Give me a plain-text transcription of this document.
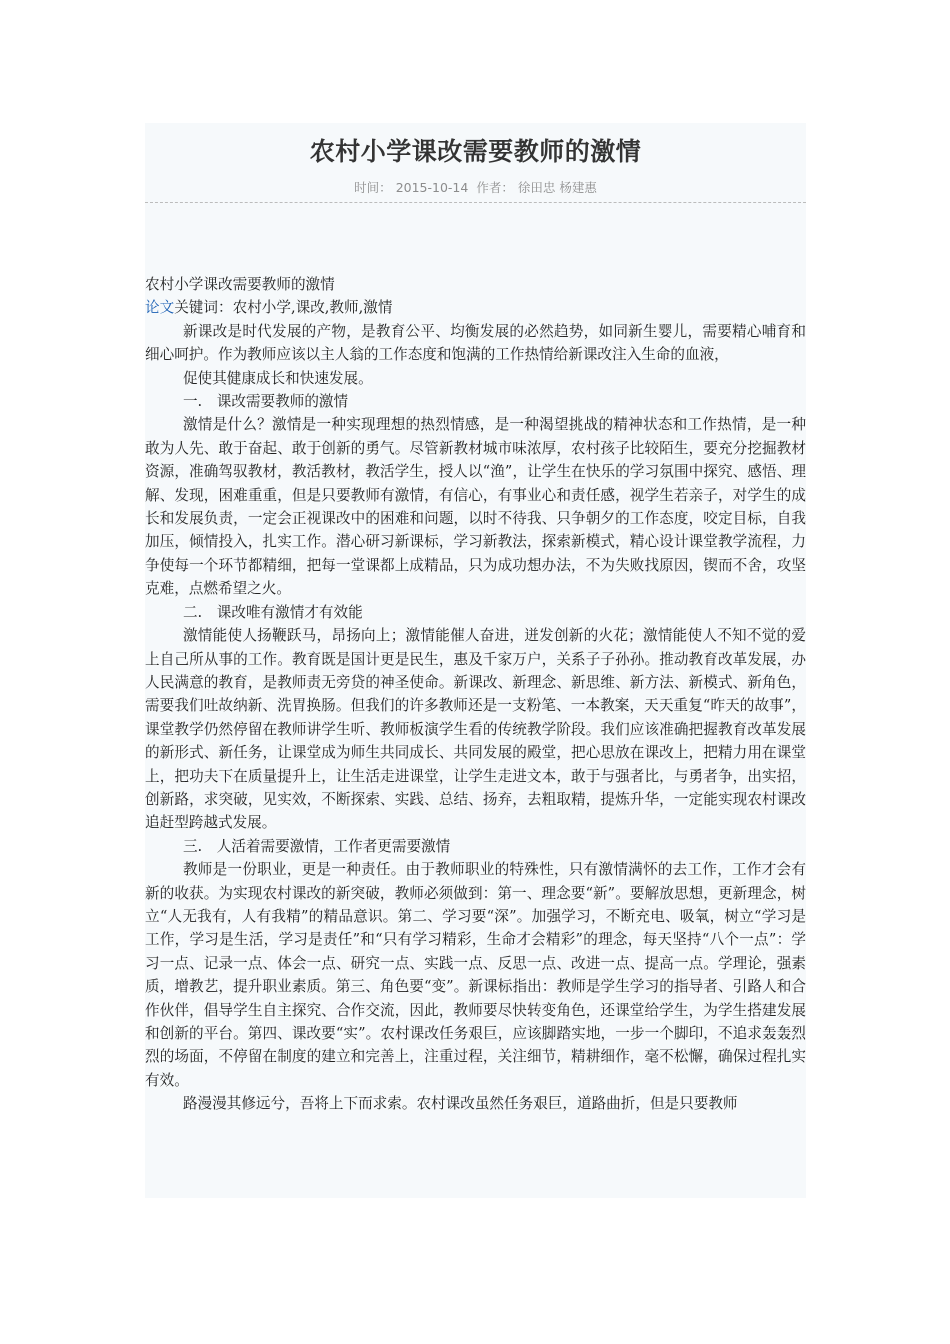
农村小学课改需要教师的激情
时间： 2015-10-14 作者： 徐田忠 杨建惠

农村小学课改需要教师的激情

论文关键词：农村小学,课改,教师,激情

新课改是时代发展的产物，是教育公平、均衡发展的必然趋势，如同新生婴儿，需要精心哺育和细心呵护。作为教师应该以主人翁的工作态度和饱满的工作热情给新课改注入生命的血液，

促使其健康成长和快速发展。

一.　课改需要教师的激情

激情是什么？激情是一种实现理想的热烈情感，是一种渴望挑战的精神状态和工作热情，是一种敢为人先、敢于奋起、敢于创新的勇气。尽管新教材城市味浓厚，农村孩子比较陌生，要充分挖掘教材资源，准确驾驭教材，教活教材，教活学生，授人以“渔”，让学生在快乐的学习氛围中探究、感悟、理解、发现，困难重重，但是只要教师有激情，有信心，有事业心和责任感，视学生若亲子，对学生的成长和发展负责，一定会正视课改中的困难和问题，以时不待我、只争朝夕的工作态度，咬定目标，自我加压，倾情投入，扎实工作。潜心研习新课标，学习新教法，探索新模式，精心设计课堂教学流程，力争使每一个环节都精细，把每一堂课都上成精品，只为成功想办法，不为失败找原因，锲而不舍，攻坚克难，点燃希望之火。

二.　课改唯有激情才有效能

激情能使人扬鞭跃马，昂扬向上；激情能催人奋进，迸发创新的火花；激情能使人不知不觉的爱上自己所从事的工作。教育既是国计更是民生，惠及千家万户，关系子子孙孙。推动教育改革发展，办人民满意的教育，是教师责无旁贷的神圣使命。新课改、新理念、新思维、新方法、新模式、新角色，需要我们吐故纳新、洗胃换肠。但我们的许多教师还是一支粉笔、一本教案，天天重复“昨天的故事”，课堂教学仍然停留在教师讲学生听、教师板演学生看的传统教学阶段。我们应该准确把握教育改革发展的新形式、新任务，让课堂成为师生共同成长、共同发展的殿堂，把心思放在课改上，把精力用在课堂上，把功夫下在质量提升上，让生活走进课堂，让学生走进文本，敢于与强者比，与勇者争，出实招，创新路，求突破，见实效，不断探索、实践、总结、扬弃，去粗取精，提炼升华，一定能实现农村课改追赶型跨越式发展。

三.　人活着需要激情，工作者更需要激情

教师是一份职业，更是一种责任。由于教师职业的特殊性，只有激情满怀的去工作，工作才会有新的收获。为实现农村课改的新突破，教师必须做到：第一、理念要“新”。要解放思想，更新理念，树立“人无我有，人有我精”的精品意识。第二、学习要“深”。加强学习，不断充电、吸氧，树立“学习是工作，学习是生活，学习是责任”和“只有学习精彩，生命才会精彩”的理念，每天坚持“八个一点”：学习一点、记录一点、体会一点、研究一点、实践一点、反思一点、改进一点、提高一点。学理论，强素质，增教艺，提升职业素质。第三、角色要“变”。新课标指出：教师是学生学习的指导者、引路人和合作伙伴，倡导学生自主探究、合作交流，因此，教师要尽快转变角色，还课堂给学生，为学生搭建发展和创新的平台。第四、课改要“实”。农村课改任务艰巨，应该脚踏实地，一步一个脚印，不追求轰轰烈烈的场面，不停留在制度的建立和完善上，注重过程，关注细节，精耕细作，毫不松懈，确保过程扎实有效。

路漫漫其修远兮，吾将上下而求索。农村课改虽然任务艰巨，道路曲折，但是只要教师
